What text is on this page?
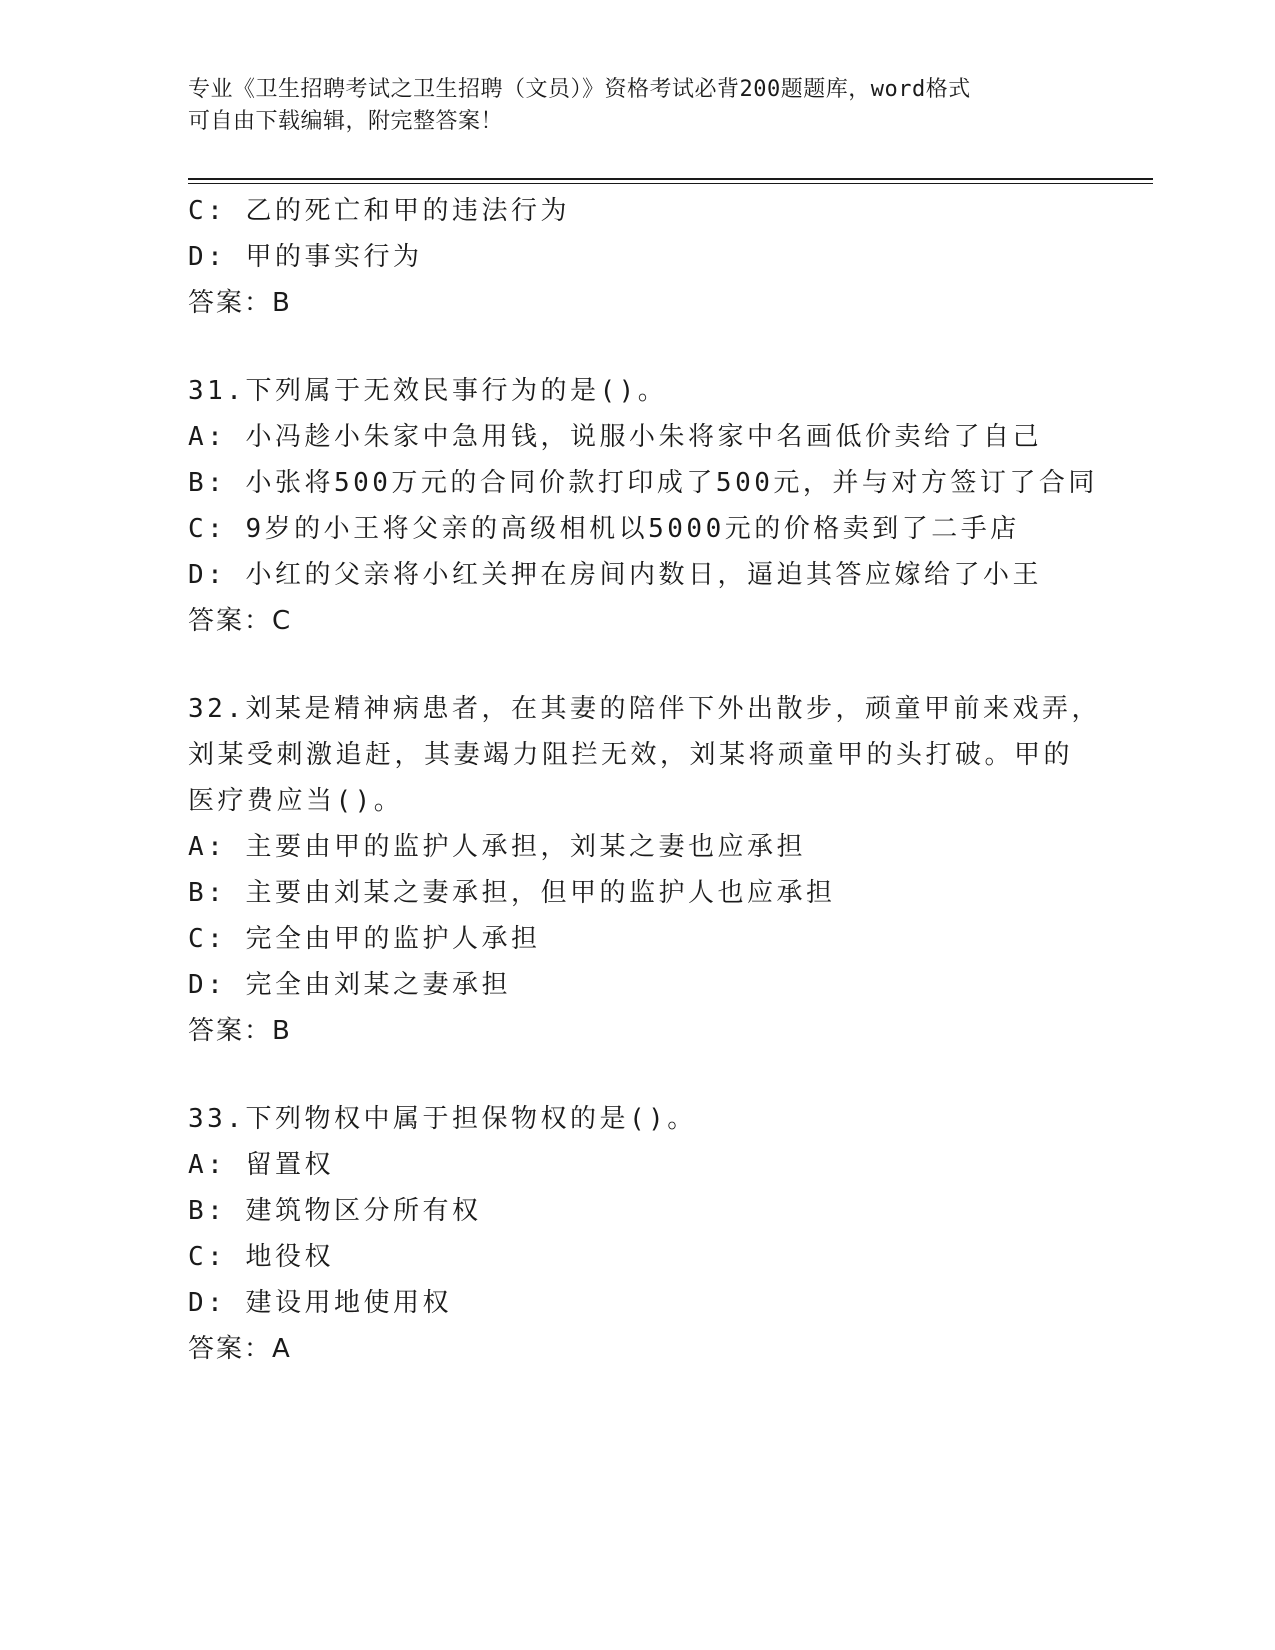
专业《卫生招聘考试之卫生招聘（文员）》资格考试必背200题题库，word格式
可自由下载编辑，附完整答案！
C: 乙的死亡和甲的违法行为
D: 甲的事实行为
答案：B
31.下列属于无效民事行为的是()。
A: 小冯趁小朱家中急用钱，说服小朱将家中名画低价卖给了自己
B: 小张将500万元的合同价款打印成了500元，并与对方签订了合同
C: 9岁的小王将父亲的高级相机以5000元的价格卖到了二手店
D: 小红的父亲将小红关押在房间内数日，逼迫其答应嫁给了小王
答案：C
32.刘某是精神病患者，在其妻的陪伴下外出散步，顽童甲前来戏弄，
刘某受刺激追赶，其妻竭力阻拦无效，刘某将顽童甲的头打破。甲的
医疗费应当()。
A: 主要由甲的监护人承担，刘某之妻也应承担
B: 主要由刘某之妻承担，但甲的监护人也应承担
C: 完全由甲的监护人承担
D: 完全由刘某之妻承担
答案：B
33.下列物权中属于担保物权的是()。
A: 留置权
B: 建筑物区分所有权
C: 地役权
D: 建设用地使用权
答案：A
